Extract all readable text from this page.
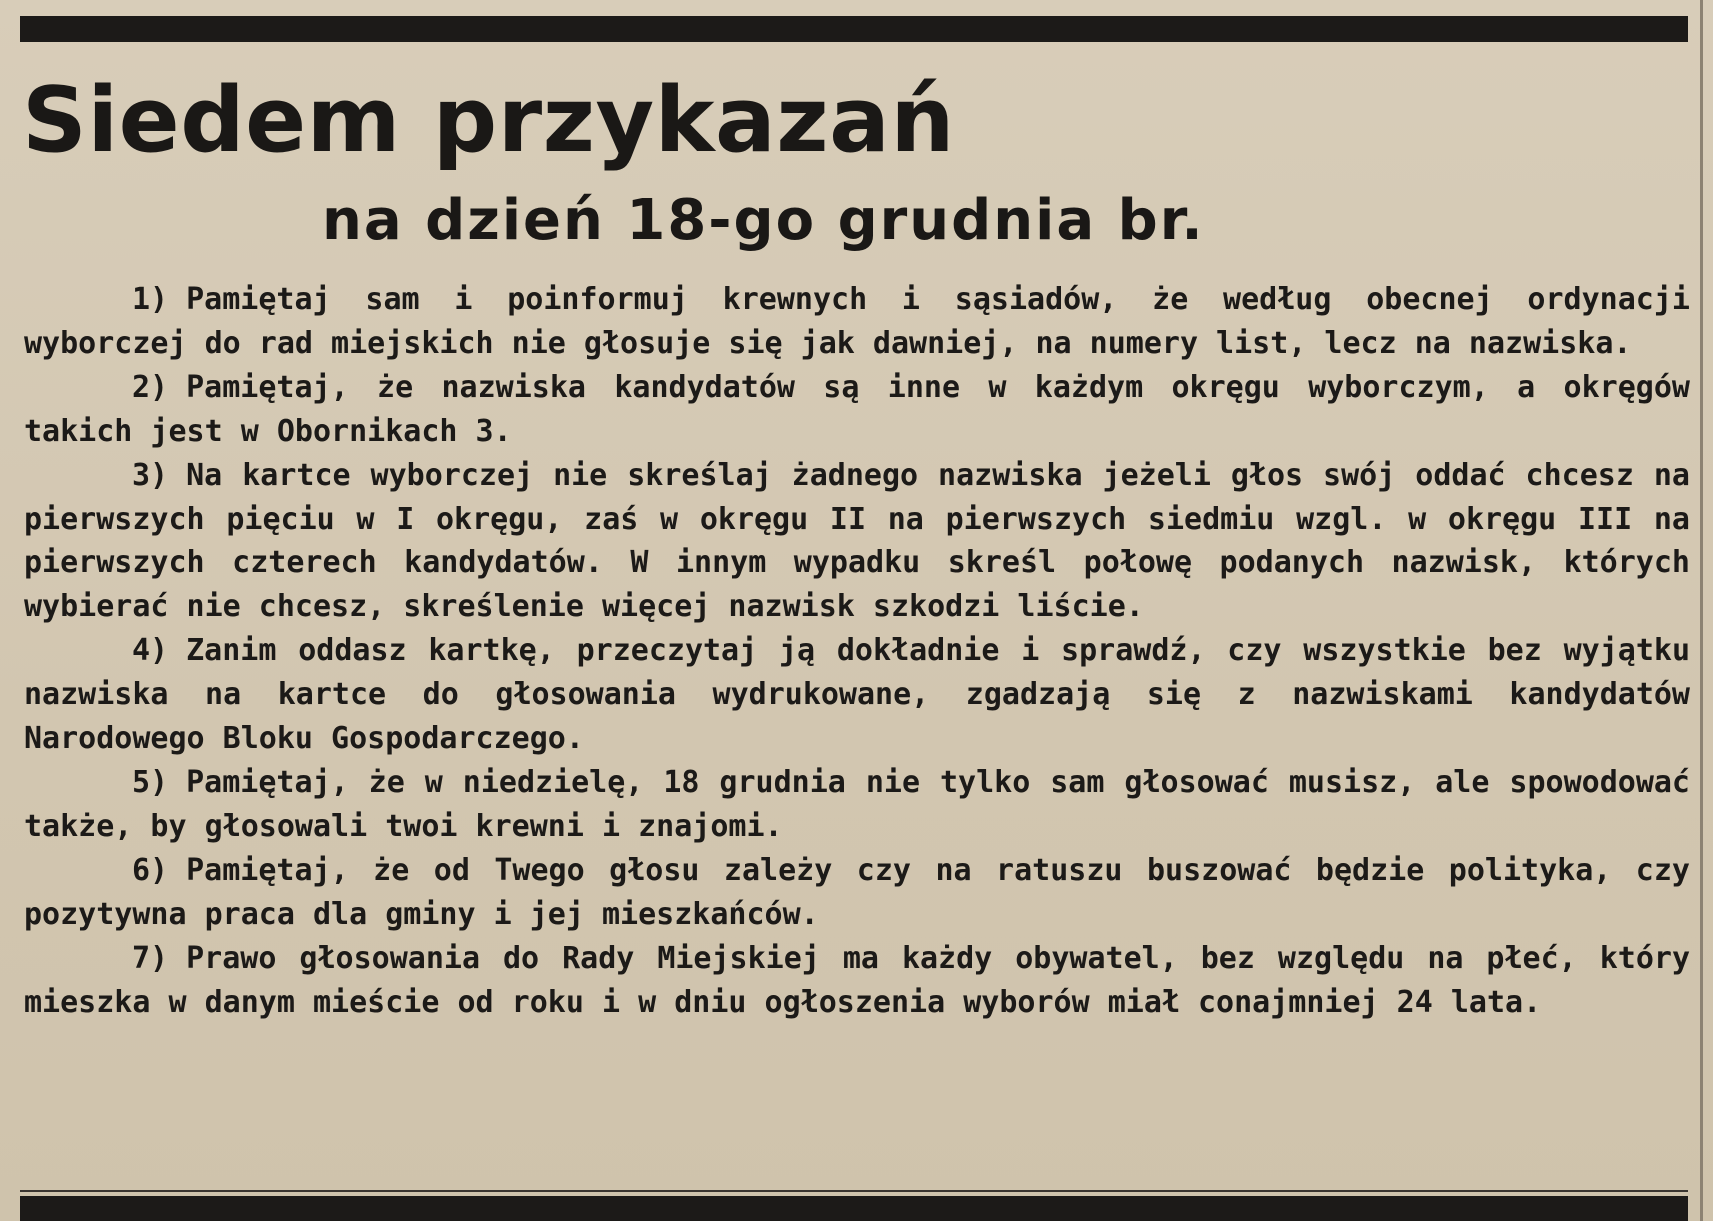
Siedem przykazań
na dzień 18-go grudnia br.

1) Pamiętaj sam i poinformuj krewnych i sąsiadów, że według obecnej ordynacji wyborczej do rad miejskich nie głosuje się jak dawniej, na numery list, lecz na nazwiska.

2) Pamiętaj, że nazwiska kandydatów są inne w każdym okręgu wyborczym, a okręgów takich jest w Obornikach 3.

3) Na kartce wyborczej nie skreślaj żadnego nazwiska jeżeli głos swój oddać chcesz na pierwszych pięciu w I okręgu, zaś w okręgu II na pierwszych siedmiu wzgl. w okręgu III na pierwszych czterech kandydatów. W innym wypadku skreśl połowę podanych nazwisk, których wybierać nie chcesz, skreślenie więcej nazwisk szkodzi liście.

4) Zanim oddasz kartkę, przeczytaj ją dokładnie i sprawdź, czy wszystkie bez wyjątku nazwiska na kartce do głosowania wydrukowane, zgadzają się z nazwiskami kandydatów Narodowego Bloku Gospodarczego.

5) Pamiętaj, że w niedzielę, 18 grudnia nie tylko sam głosować musisz, ale spowodować także, by głosowali twoi krewni i znajomi.

6) Pamiętaj, że od Twego głosu zależy czy na ratuszu buszować będzie polityka, czy pozytywna praca dla gminy i jej mieszkańców.

7) Prawo głosowania do Rady Miejskiej ma każdy obywatel, bez względu na płeć, który mieszka w danym mieście od roku i w dniu ogłoszenia wyborów miał conajmniej 24 lata.
